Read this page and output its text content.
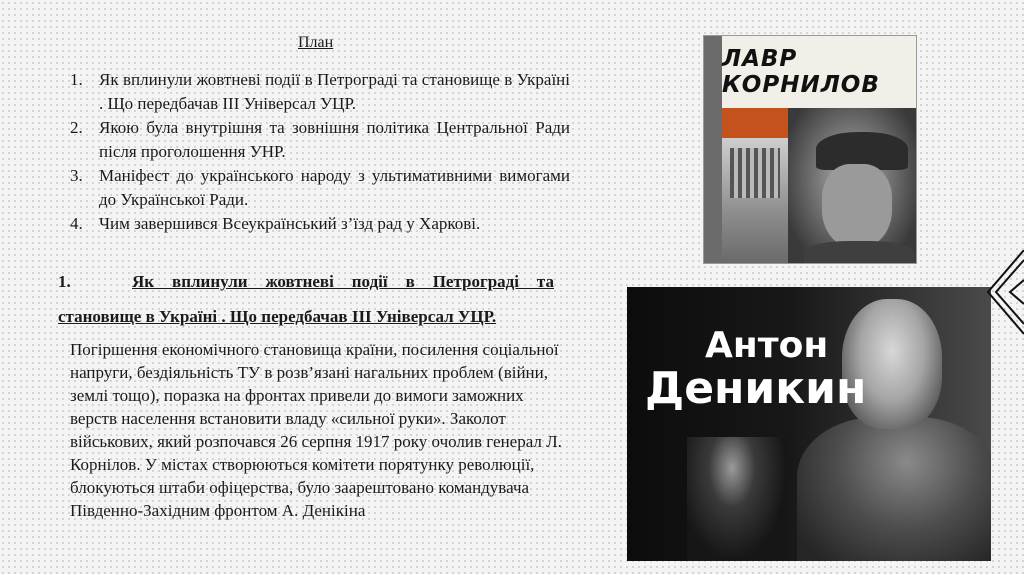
План
1. Як вплинули жовтневі події в Петрограді та становище в Україні . Що передбачав ІІІ Універсал УЦР.
2. Якою була внутрішня та зовнішня політика Центральної Ради після проголошення УНР.
3. Маніфест до українського народу з ультимативними вимогами до Української Ради.
4. Чим завершився Всеукраїнський з’їзд рад у Харкові.
1.	Як вплинули жовтневі події в Петрограді та становище в Україні . Що передбачав ІІІ Універсал УЦР.
Погіршення економічного становища країни, посилення соціальної напруги, бездіяльність ТУ в розв’язані нагальних проблем (війни, землі тощо), поразка на фронтах привели до вимоги заможних верств населення встановити владу «сильної руки». Заколот військових, який розпочався 26 серпня 1917 року очолив генерал Л. Корнілов. У містах створюються комітети порятунку революції, блокуються штаби офіцерства, було заарештовано командувача Південно-Західним фронтом А. Денікіна
ЛАВР КОРНИЛОВ
Антон
Деникин
